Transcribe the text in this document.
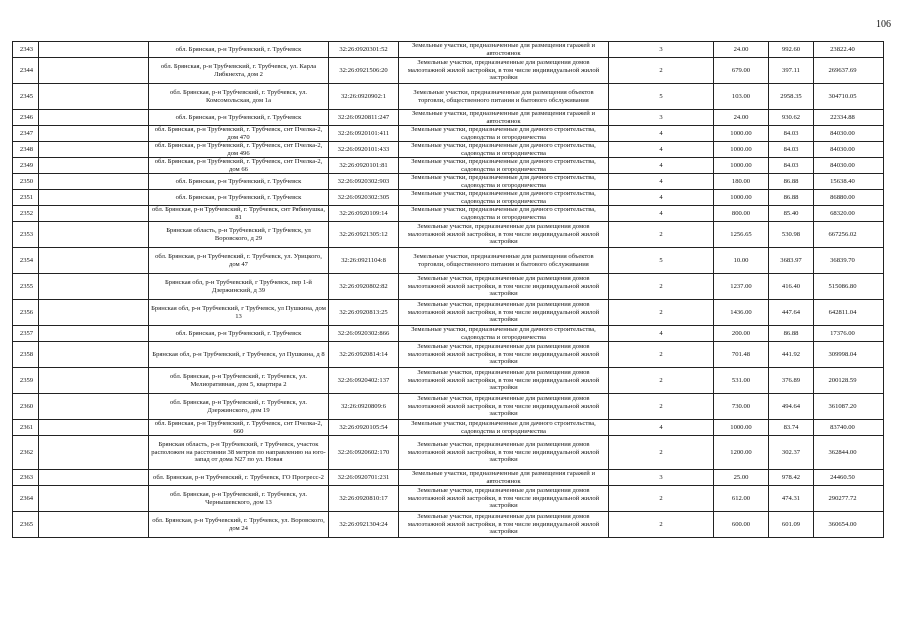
106
2343		обл. Брянская, р-н Трубчевский, г. Трубчевск	32:26:0920301:52	Земельные участки, предназначенные для размещения гаражей и автостоянок	3	24.00	992.60	23822.40
2344		обл. Брянская, р-н Трубчевский, г. Трубчевск, ул. Карла Либкнехта, дом 2	32:26:0921506:20	Земельные участки, предназначенные для размещения домов малоэтажной жилой застройки, в том числе индивидуальной жилой застройки	2	679.00	397.11	269637.69
2345		обл. Брянская, р-н Трубчевский, г. Трубчевск, ул. Комсомольская, дом 1а	32:26:0920902:1	Земельные участки, предназначенные для размещения объектов торговли, общественного питания и бытового обслуживания	5	103.00	2958.35	304710.05
2346		обл. Брянская, р-н Трубчевский, г. Трубчевск	32:26:0920811:247	Земельные участки, предназначенные для размещения гаражей и автостоянок	3	24.00	930.62	22334.88
2347		обл. Брянская, р-н Трубчевский, г. Трубчевск, снт Пчелка-2, дом 470	32:26:0920101:411	Земельные участки, предназначенные для дачного строительства, садоводства и огородничества	4	1000.00	84.03	84030.00
2348		обл. Брянская, р-н Трубчевский, г. Трубчевск, снт Пчелка-2, дом 496	32:26:0920101:433	Земельные участки, предназначенные для дачного строительства, садоводства и огородничества	4	1000.00	84.03	84030.00
2349		обл. Брянская, р-н Трубчевский, г. Трубчевск, снт Пчелка-2, дом 66	32:26:0920101:81	Земельные участки, предназначенные для дачного строительства, садоводства и огородничества	4	1000.00	84.03	84030.00
2350		обл. Брянская, р-н Трубчевский, г. Трубчевск	32:26:0920302:903	Земельные участки, предназначенные для дачного строительства, садоводства и огородничества	4	180.00	86.88	15638.40
2351		обл. Брянская, р-н Трубчевский, г. Трубчевск	32:26:0920302:305	Земельные участки, предназначенные для дачного строительства, садоводства и огородничества	4	1000.00	86.88	86880.00
2352		обл. Брянская, р-н Трубчевский, г. Трубчевск, снт Рябинушка, 81	32:26:0920109:14	Земельные участки, предназначенные для дачного строительства, садоводства и огородничества	4	800.00	85.40	68320.00
2353		Брянская область, р-н Трубчевский, г Трубчевск, ул Воровского, д 29	32:26:0921305:12	Земельные участки, предназначенные для размещения домов малоэтажной жилой застройки, в том числе индивидуальной жилой застройки	2	1256.65	530.98	667256.02
2354		обл. Брянская, р-н Трубчевский, г. Трубчевск, ул. Урицкого, дом 47	32:26:0921104:8	Земельные участки, предназначенные для размещения объектов торговли, общественного питания и бытового обслуживания	5	10.00	3683.97	36839.70
2355		Брянская обл, р-н Трубчевский, г Трубчевск, пер 1-й Дзержинский, д 39	32:26:0920802:82	Земельные участки, предназначенные для размещения домов малоэтажной жилой застройки, в том числе индивидуальной жилой застройки	2	1237.00	416.40	515086.80
2356		Брянская обл, р-н Трубчевский, г Трубчевск, ул Пушкина, дом 13	32:26:0920813:25	Земельные участки, предназначенные для размещения домов малоэтажной жилой застройки, в том числе индивидуальной жилой застройки	2	1436.00	447.64	642811.04
2357		обл. Брянская, р-н Трубчевский, г. Трубчевск	32:26:0920302:866	Земельные участки, предназначенные для дачного строительства, садоводства и огородничества	4	200.00	86.88	17376.00
2358		Брянская обл, р-н Трубчевский, г Трубчевск, ул Пушкина, д 8	32:26:0920814:14	Земельные участки, предназначенные для размещения домов малоэтажной жилой застройки, в том числе индивидуальной жилой застройки	2	701.48	441.92	309998.04
2359		обл. Брянская, р-н Трубчевский, г. Трубчевск, ул. Мелиоративная, дом 5, квартира 2	32:26:0920402:137	Земельные участки, предназначенные для размещения домов малоэтажной жилой застройки, в том числе индивидуальной жилой застройки	2	531.00	376.89	200128.59
2360		обл. Брянская, р-н Трубчевский, г. Трубчевск, ул. Дзержинского, дом 19	32:26:0920809:6	Земельные участки, предназначенные для размещения домов малоэтажной жилой застройки, в том числе индивидуальной жилой застройки	2	730.00	494.64	361087.20
2361		обл. Брянская, р-н Трубчевский, г. Трубчевск, снт Пчелка-2, 660	32:26:0920105:54	Земельные участки, предназначенные для дачного строительства, садоводства и огородничества	4	1000.00	83.74	83740.00
2362		Брянская область, р-н Трубчевский, г Трубчевск, участок расположен на расстоянии 38 метров по направлению на юго-запад от дома N27 по ул. Новая	32:26:0920602:170	Земельные участки, предназначенные для размещения домов малоэтажной жилой застройки, в том числе индивидуальной жилой застройки	2	1200.00	302.37	362844.00
2363		обл. Брянская, р-н Трубчевский, г. Трубчевск, ГО Прогресс-2	32:26:0920701:231	Земельные участки, предназначенные для размещения гаражей и автостоянок	3	25.00	978.42	24460.50
2364		обл. Брянская, р-н Трубчевский, г. Трубчевск, ул. Чернышевского, дом 13	32:26:0920810:17	Земельные участки, предназначенные для размещения домов малоэтажной жилой застройки, в том числе индивидуальной жилой застройки	2	612.00	474.31	290277.72
2365		обл. Брянская, р-н Трубчевский, г. Трубчевск, ул. Воровского, дом 24	32:26:0921304:24	Земельные участки, предназначенные для размещения домов малоэтажной жилой застройки, в том числе индивидуальной жилой застройки	2	600.00	601.09	360654.00
